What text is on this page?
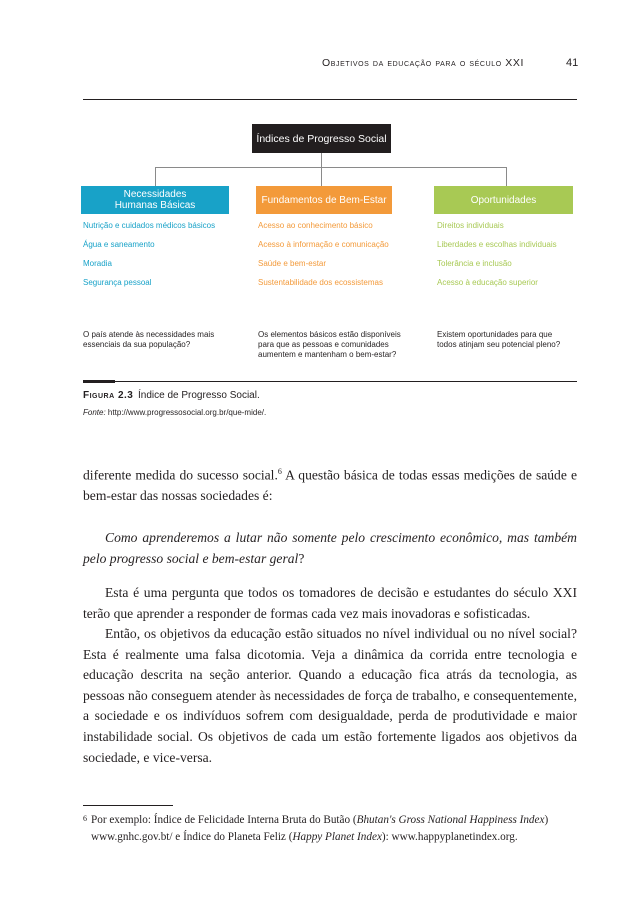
Objetivos da educação para o século XXI	41
Índices de Progresso Social
Necessidades
Humanas Básicas
Nutrição e cuidados médicos básicos
Água e saneamento
Moradia
Segurança pessoal
O país atende às necessidades mais
essenciais da sua população?
Fundamentos de Bem-Estar
Acesso ao conhecimento básico
Acesso à informação e comunicação
Saúde e bem-estar
Sustentabilidade dos ecossistemas
Os elementos básicos estão disponíveis
para que as pessoas e comunidades
aumentem e mantenham o bem-estar?
Oportunidades
Direitos individuais
Liberdades e escolhas individuais
Tolerância e inclusão
Acesso à educação superior
Existem oportunidades para que
todos atinjam seu potencial pleno?
Figura 2.3 Índice de Progresso Social.
Fonte: http://www.progressosocial.org.br/que-mide/.
diferente medida do sucesso social.$^6$ A questão básica de todas essas medições de saúde e bem-estar das nossas sociedades é:
Como aprenderemos a lutar não somente pelo crescimento econômico, mas também pelo progresso social e bem-estar geral?
Esta é uma pergunta que todos os tomadores de decisão e estudantes do século XXI terão que aprender a responder de formas cada vez mais inovadoras e sofisticadas.
Então, os objetivos da educação estão situados no nível individual ou no nível social? Esta é realmente uma falsa dicotomia. Veja a dinâmica da corrida entre tecnologia e educação descrita na seção anterior. Quando a educação fica atrás da tecnologia, as pessoas não conseguem atender às necessidades de força de trabalho, e consequentemente, a sociedade e os indivíduos sofrem com desigualdade, perda de produtividade e maior instabilidade social. Os objetivos de cada um estão fortemente ligados aos objetivos da sociedade, e vice-versa.
6 Por exemplo: Índice de Felicidade Interna Bruta do Butão (Bhutan's Gross National Happiness Index) www.gnhc.gov.bt/ e Índice do Planeta Feliz (Happy Planet Index): www.happyplanetindex.org.
